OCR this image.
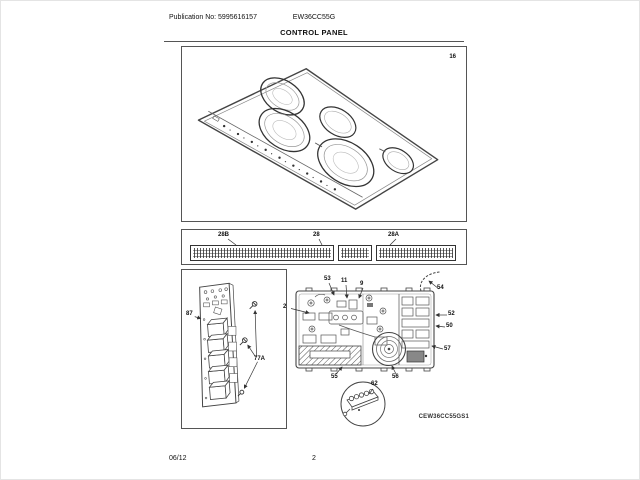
Publication No: 5995616157	EW36CC55G
CONTROL PANEL
16
28B	28	28A
87
77A
2
53 11 9
54
52
50
57
55	56
62
CEW36CC55GS1
06/12	2
